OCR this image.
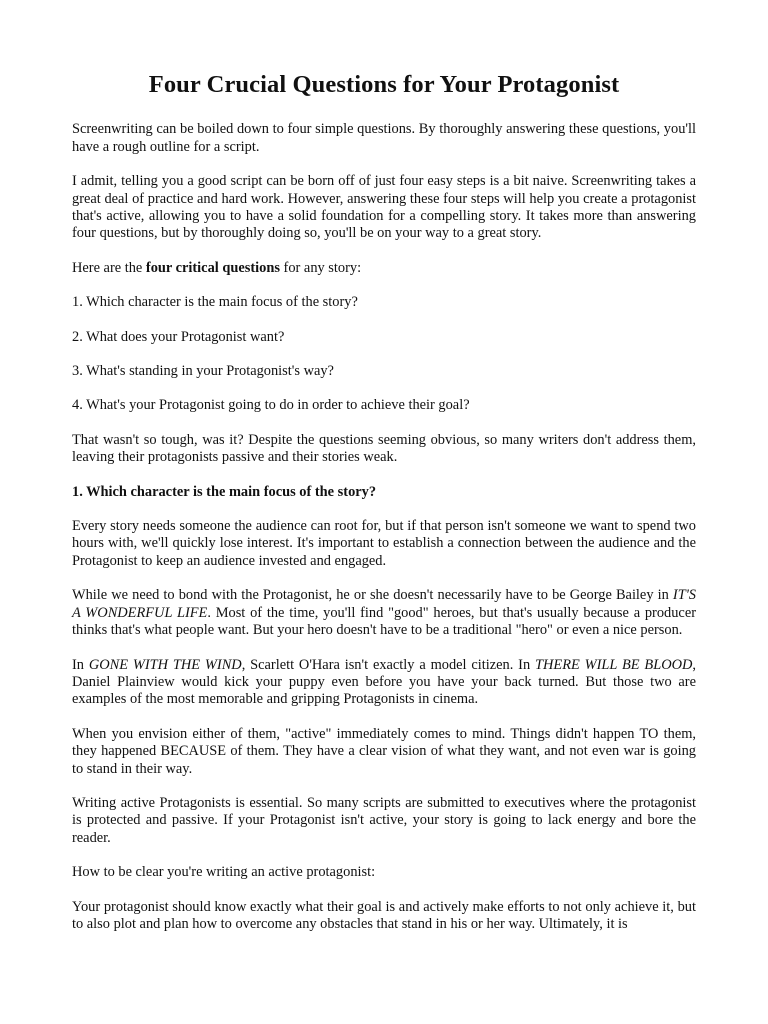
Four Crucial Questions for Your Protagonist

Screenwriting can be boiled down to four simple questions. By thoroughly answering these questions, you'll have a rough outline for a script.

I admit, telling you a good script can be born off of just four easy steps is a bit naive. Screenwriting takes a great deal of practice and hard work. However, answering these four steps will help you create a protagonist that's active, allowing you to have a solid foundation for a compelling story. It takes more than answering four questions, but by thoroughly doing so, you'll be on your way to a great story.

Here are the four critical questions for any story:

1. Which character is the main focus of the story?

2. What does your Protagonist want?

3. What's standing in your Protagonist's way?

4. What's your Protagonist going to do in order to achieve their goal?

That wasn't so tough, was it? Despite the questions seeming obvious, so many writers don't address them, leaving their protagonists passive and their stories weak.

1. Which character is the main focus of the story?

Every story needs someone the audience can root for, but if that person isn't someone we want to spend two hours with, we'll quickly lose interest. It's important to establish a connection between the audience and the Protagonist to keep an audience invested and engaged.

While we need to bond with the Protagonist, he or she doesn't necessarily have to be George Bailey in IT'S A WONDERFUL LIFE. Most of the time, you'll find "good" heroes, but that's usually because a producer thinks that's what people want. But your hero doesn't have to be a traditional "hero" or even a nice person.

In GONE WITH THE WIND, Scarlett O'Hara isn't exactly a model citizen. In THERE WILL BE BLOOD, Daniel Plainview would kick your puppy even before you have your back turned. But those two are examples of the most memorable and gripping Protagonists in cinema.

When you envision either of them, "active" immediately comes to mind. Things didn't happen TO them, they happened BECAUSE of them. They have a clear vision of what they want, and not even war is going to stand in their way.

Writing active Protagonists is essential. So many scripts are submitted to executives where the protagonist is protected and passive. If your Protagonist isn't active, your story is going to lack energy and bore the reader.

How to be clear you're writing an active protagonist:

Your protagonist should know exactly what their goal is and actively make efforts to not only achieve it, but to also plot and plan how to overcome any obstacles that stand in his or her way. Ultimately, it is
